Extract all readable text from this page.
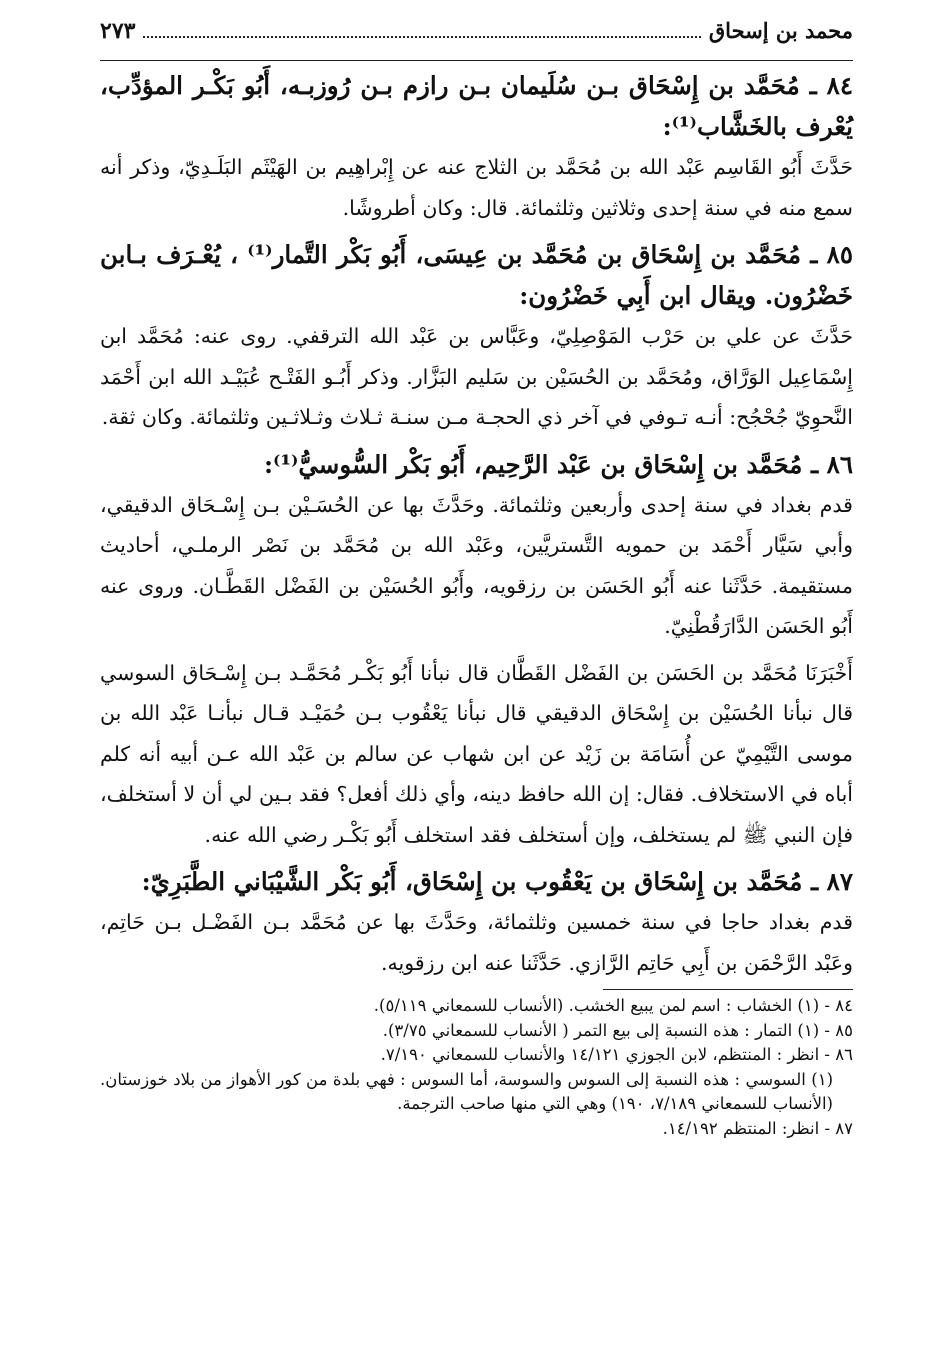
محمد بن إسحاق
٢٧٣
٨٤ ـ مُحَمَّد بن إِسْحَاق بـن سُلَيمان بـن رازم بـن رُوزبـه، أَبُو بَكْـر المؤدِّب، يُعْرف بالخَشَّاب⁽¹⁾:

حَدَّثَ أَبُو القَاسِم عَبْد الله بن مُحَمَّد بن الثلاج عنه عن إِبْراهِيم بن الهَيْثَم البَلَـدِيّ، وذكر أنه سمع منه في سنة إحدى وثلاثين وثلثمائة. قال: وكان أطروشًا.

٨٥ ـ مُحَمَّد بن إِسْحَاق بن مُحَمَّد بن عِيسَى، أَبُو بَكْر التَّمار⁽¹⁾ ، يُعْـرَف بـابن خَضْرُون. ويقال ابن أَبِي خَضْرُون:

حَدَّثَ عن علي بن حَرْب المَوْصِلِيّ، وعَبَّاس بن عَبْد الله الترقفي. روى عنه: مُحَمَّد ابن إِسْمَاعِيل الوَرَّاق، ومُحَمَّد بن الحُسَيْن بن سَليم البَزَّار. وذكر أَبُـو الفَتْـح عُبَيْـد الله ابن أَحْمَد النَّحوِيّ جُحْجُح: أنـه تـوفي في آخر ذي الحجـة مـن سنـة ثـلاث وثـلاثـين وثلثمائة. وكان ثقة.

٨٦ ـ مُحَمَّد بن إِسْحَاق بن عَبْد الرَّحِيم، أَبُو بَكْر السُّوسيُّ⁽¹⁾:

قدم بغداد في سنة إحدى وأربعين وثلثمائة. وحَدَّثَ بها عن الحُسَـيْن بـن إِسْـحَاق الدقيقي، وأبي سَيَّار أَحْمَد بن حمويه التَّستريَّين، وعَبْد الله بن مُحَمَّد بن نَصْر الرملـي، أحاديث مستقيمة. حَدَّثَنا عنه أَبُو الحَسَن بن رزقويه، وأَبُو الحُسَيْن بن الفَضْل القَطَّـان. وروى عنه أَبُو الحَسَن الدَّارَقُطْنِيّ.

أَخْبَرَنَا مُحَمَّد بن الحَسَن بن الفَضْل القَطَّان قال نبأنا أَبُو بَكْـر مُحَمَّـد بـن إِسْـحَاق السوسي قال نبأنا الحُسَيْن بن إِسْحَاق الدقيقي قال نبأنا يَعْقُوب بـن حُمَيْـد قـال نبأنـا عَبْد الله بن موسى التَّيْمِيّ عن أُسَامَة بن زَيْد عن ابن شهاب عن سالم بن عَبْد الله عـن أبيه أنه كلم أباه في الاستخلاف. فقال: إن الله حافظ دينه، وأي ذلك أفعل؟ فقد بـين لي أن لا أستخلف، فإن النبي ﷺ لم يستخلف، وإن أستخلف فقد استخلف أَبُو بَكْـر رضي الله عنه.

٨٧ ـ مُحَمَّد بن إِسْحَاق بن يَعْقُوب بن إِسْحَاق، أَبُو بَكْر الشَّيْبَاني الطَّبَرِيّ:

قدم بغداد حاجا في سنة خمسين وثلثمائة، وحَدَّثَ بها عن مُحَمَّد بـن الفَضْـل بـن حَاتِم، وعَبْد الرَّحْمَن بن أَبِي حَاتِم الرَّازي. حَدَّثَنا عنه ابن رزقويه.

٨٤ - (١) الخشاب : اسم لمن يبيع الخشب. (الأنساب للسمعاني ٥/١١٩).

٨٥ - (١) التمار : هذه النسبة إلى بيع التمر ( الأنساب للسمعاني ٣/٧٥).

٨٦ - انظر : المنتظم، لابن الجوزي ١٤/١٢١ والأنساب للسمعاني ٧/١٩٠.

(١) السوسي : هذه النسبة إلى السوس والسوسة، أما السوس : فهي بلدة من كور الأهواز من بلاد خوزستان. (الأنساب للسمعاني ٧/١٨٩، ١٩٠) وهي التي منها صاحب الترجمة.

٨٧ - انظر: المنتظم ١٤/١٩٢.
